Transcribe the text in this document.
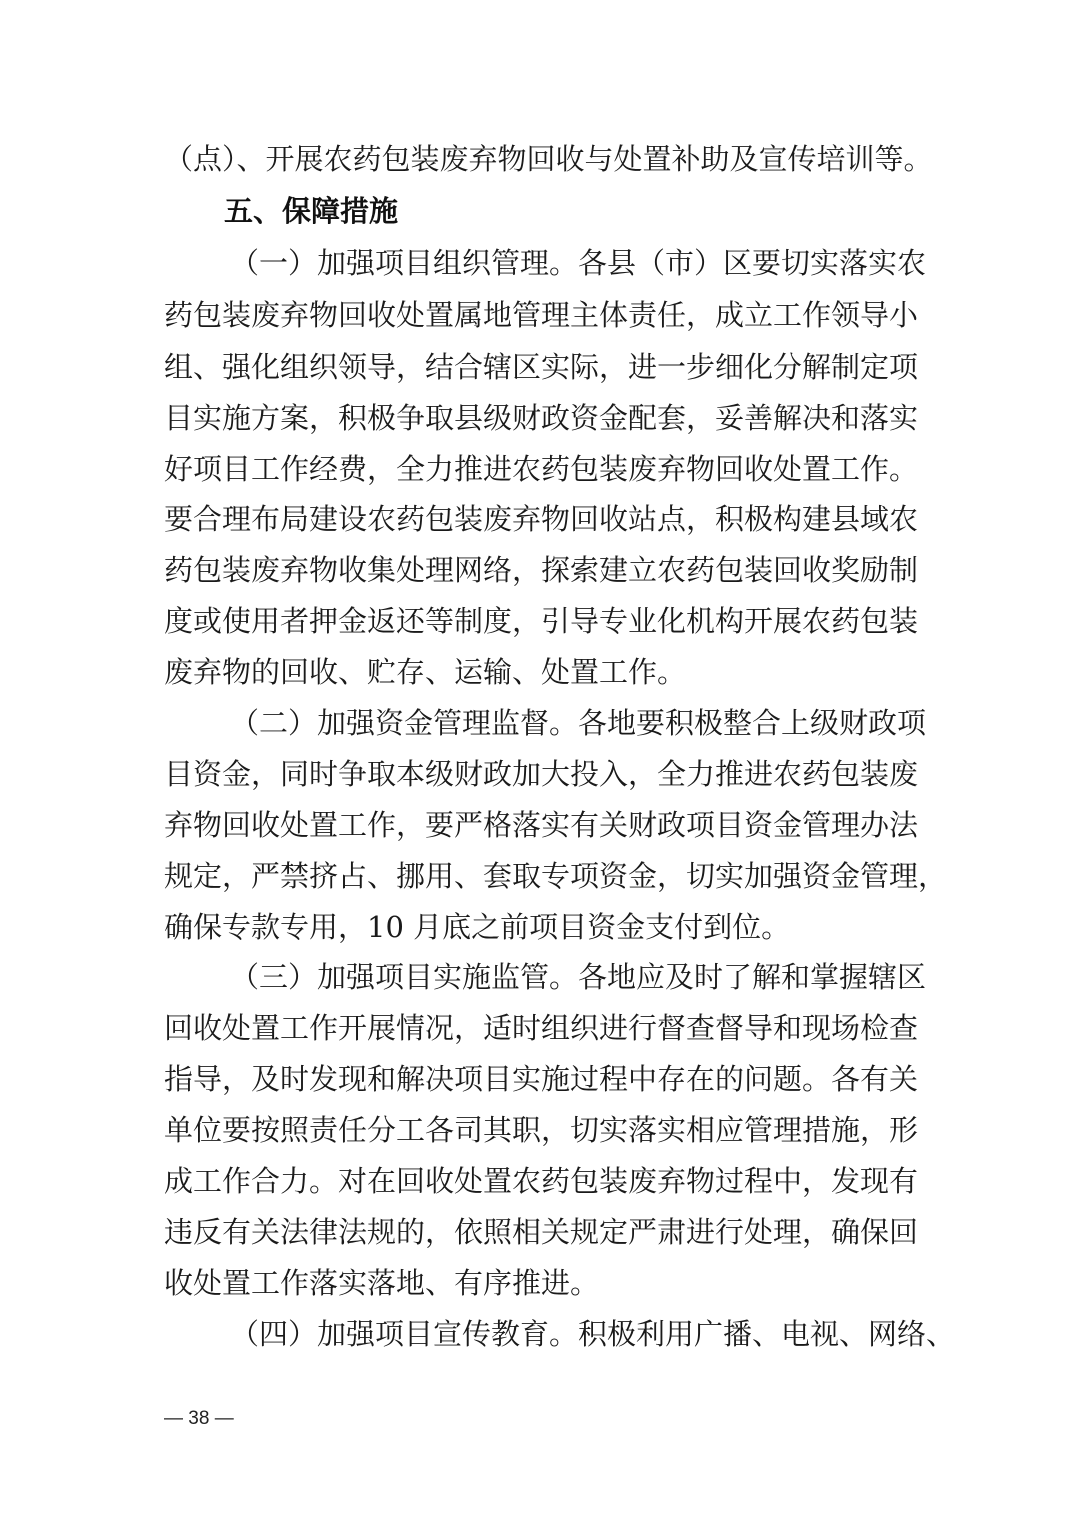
（点）、开展农药包装废弃物回收与处置补助及宣传培训等。
五、保障措施
（一）加强项目组织管理。各县（市）区要切实落实农
药包装废弃物回收处置属地管理主体责任，成立工作领导小
组、强化组织领导，结合辖区实际，进一步细化分解制定项
目实施方案，积极争取县级财政资金配套，妥善解决和落实
好项目工作经费，全力推进农药包装废弃物回收处置工作。
要合理布局建设农药包装废弃物回收站点，积极构建县域农
药包装废弃物收集处理网络，探索建立农药包装回收奖励制
度或使用者押金返还等制度，引导专业化机构开展农药包装
废弃物的回收、贮存、运输、处置工作。
（二）加强资金管理监督。各地要积极整合上级财政项
目资金，同时争取本级财政加大投入，全力推进农药包装废
弃物回收处置工作，要严格落实有关财政项目资金管理办法
规定，严禁挤占、挪用、套取专项资金，切实加强资金管理，
确保专款专用，10 月底之前项目资金支付到位。
（三）加强项目实施监管。各地应及时了解和掌握辖区
回收处置工作开展情况，适时组织进行督查督导和现场检查
指导，及时发现和解决项目实施过程中存在的问题。各有关
单位要按照责任分工各司其职，切实落实相应管理措施，形
成工作合力。对在回收处置农药包装废弃物过程中，发现有
违反有关法律法规的，依照相关规定严肃进行处理，确保回
收处置工作落实落地、有序推进。
（四）加强项目宣传教育。积极利用广播、电视、网络、
— 38 —
